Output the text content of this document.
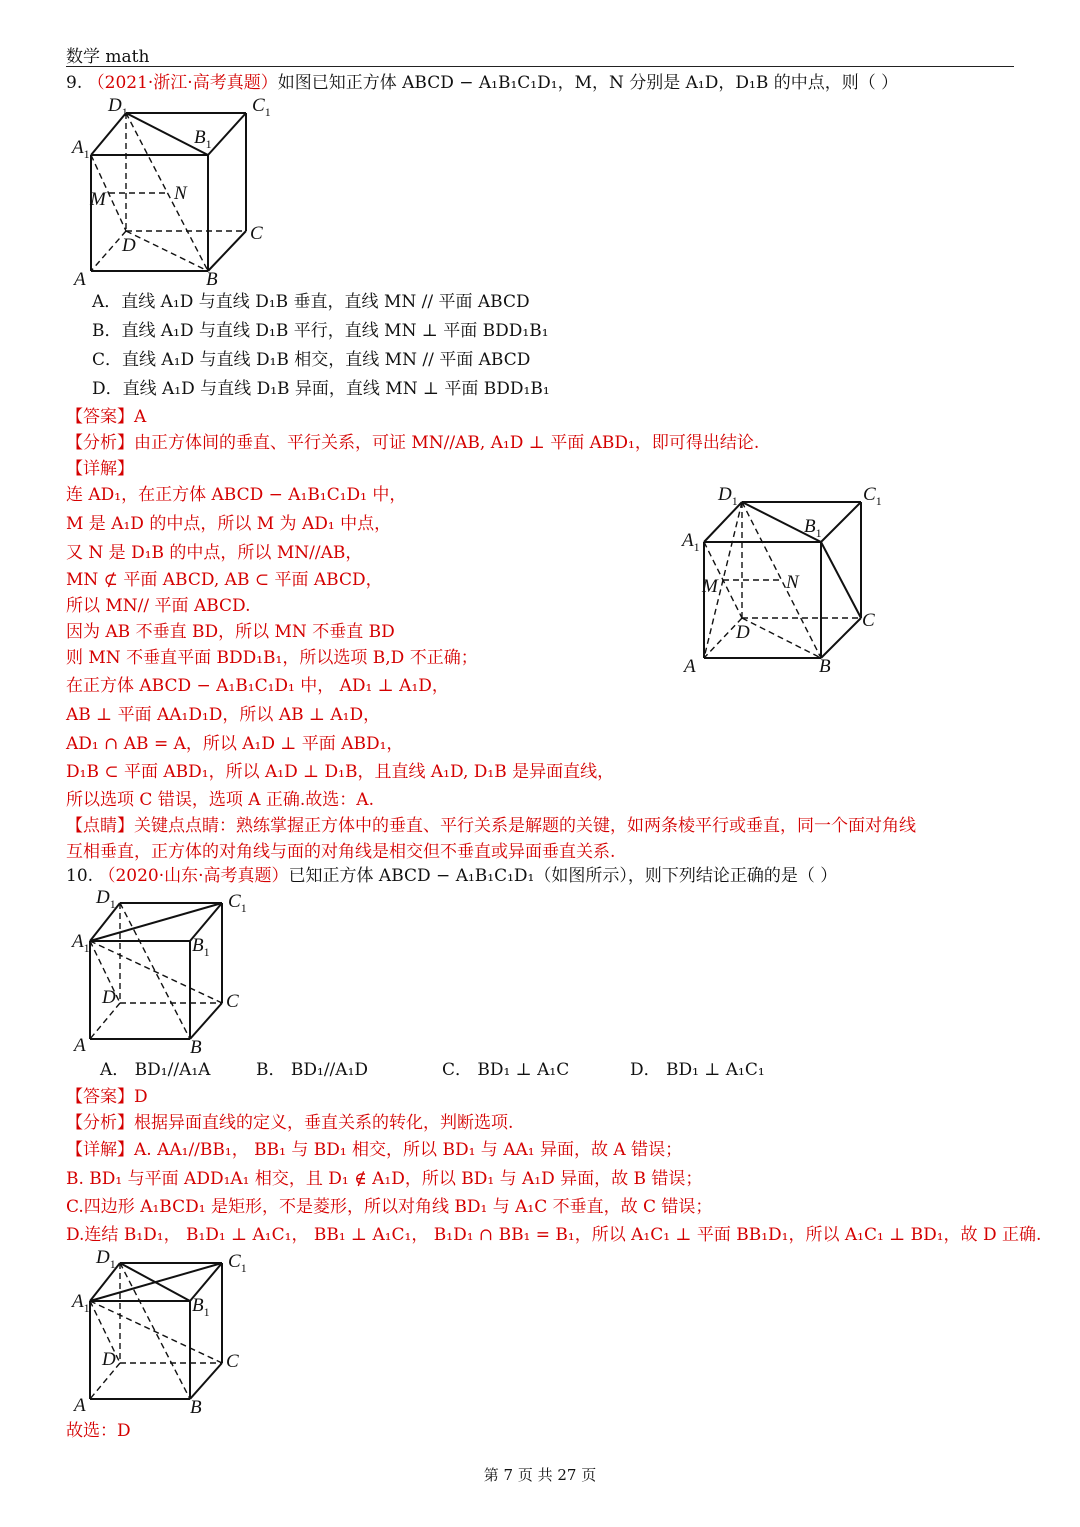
数学 math
9. （2021·浙江·高考真题）如图已知正方体 ABCD − A₁B₁C₁D₁，M，N 分别是 A₁D，D₁B 的中点，则（ ）
$A_1$
$D_1$	$C_1$
$B_1$
M	N
D
C
A	B
A．直线 A₁D 与直线 D₁B 垂直，直线 MN // 平面 ABCD
B．直线 A₁D 与直线 D₁B 平行，直线 MN ⊥ 平面 BDD₁B₁
C．直线 A₁D 与直线 D₁B 相交，直线 MN // 平面 ABCD
D．直线 A₁D 与直线 D₁B 异面，直线 MN ⊥ 平面 BDD₁B₁
【答案】A
【分析】由正方体间的垂直、平行关系，可证 MN//AB, A₁D ⊥ 平面 ABD₁，即可得出结论.
【详解】
连 AD₁，在正方体 ABCD − A₁B₁C₁D₁ 中，
M 是 A₁D 的中点，所以 M 为 AD₁ 中点，
又 N 是 D₁B 的中点，所以 MN//AB，
MN ⊄ 平面 ABCD, AB ⊂ 平面 ABCD，
所以 MN// 平面 ABCD.
因为 AB 不垂直 BD，所以 MN 不垂直 BD
则 MN 不垂直平面 BDD₁B₁，所以选项 B,D 不正确；
在正方体 ABCD − A₁B₁C₁D₁ 中， AD₁ ⊥ A₁D，
AB ⊥ 平面 AA₁D₁D，所以 AB ⊥ A₁D，
AD₁ ∩ AB = A，所以 A₁D ⊥ 平面 ABD₁，
D₁B ⊂ 平面 ABD₁，所以 A₁D ⊥ D₁B，且直线 A₁D, D₁B 是异面直线，
所以选项 C 错误，选项 A 正确.故选：A.
$A_1$
$D_1$	$C_1$
$B_1$
M	N
D
C
A	B
【点睛】关键点点睛：熟练掌握正方体中的垂直、平行关系是解题的关键，如两条棱平行或垂直，同一个面对角线
互相垂直，正方体的对角线与面的对角线是相交但不垂直或异面垂直关系.
10. （2020·山东·高考真题）已知正方体 ABCD − A₁B₁C₁D₁（如图所示），则下列结论正确的是（ ）
$A_1$
$D_1$	$C_1$
$B_1$
D	C
A	B
A． BD₁//A₁A	B． BD₁//A₁D	C． BD₁ ⊥ A₁C	D． BD₁ ⊥ A₁C₁
【答案】D
【分析】根据异面直线的定义，垂直关系的转化，判断选项.
【详解】A. AA₁//BB₁， BB₁ 与 BD₁ 相交，所以 BD₁ 与 AA₁ 异面，故 A 错误；
B. BD₁ 与平面 ADD₁A₁ 相交，且 D₁ ∉ A₁D，所以 BD₁ 与 A₁D 异面，故 B 错误；
C.四边形 A₁BCD₁ 是矩形，不是菱形，所以对角线 BD₁ 与 A₁C 不垂直，故 C 错误；
D.连结 B₁D₁， B₁D₁ ⊥ A₁C₁， BB₁ ⊥ A₁C₁， B₁D₁ ∩ BB₁ = B₁，所以 A₁C₁ ⊥ 平面 BB₁D₁，所以 A₁C₁ ⊥ BD₁，故 D 正确.
$A_1$
$D_1$	$C_1$
$B_1$
D	C
A	B
故选：D
第 7 页 共 27 页
